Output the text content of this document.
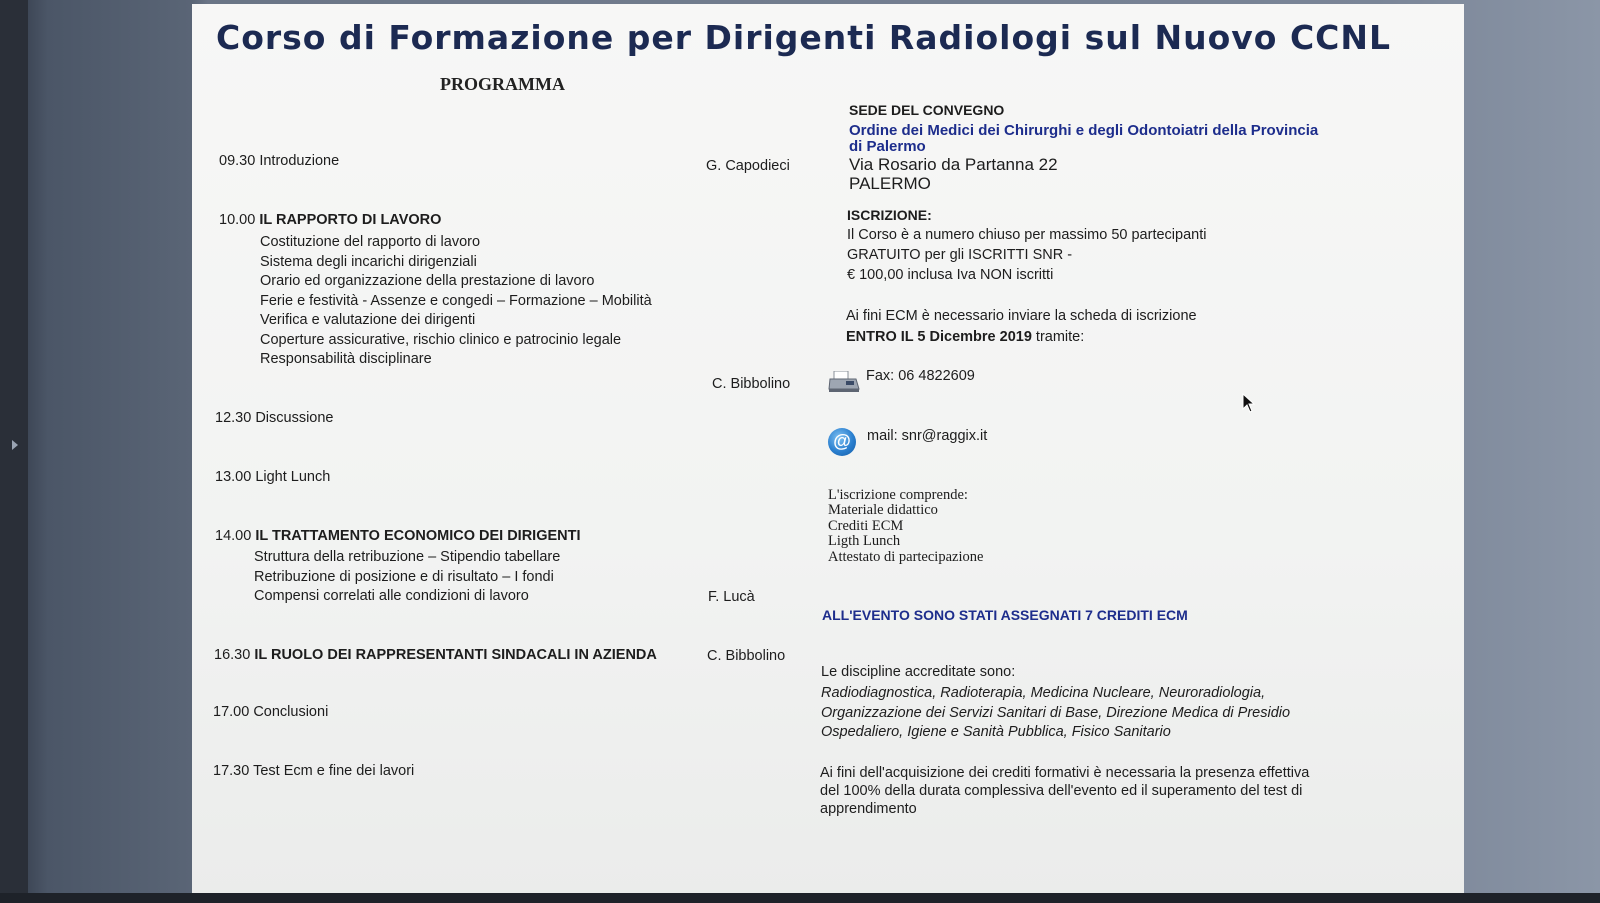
Corso di Formazione per Dirigenti Radiologi sul Nuovo CCNL
PROGRAMMA
09.30 Introduzione	G. Capodieci
10.00 IL RAPPORTO DI LAVORO
Costituzione del rapporto di lavoro
Sistema degli incarichi dirigenziali
Orario ed organizzazione della prestazione di lavoro
Ferie e festività - Assenze e congedi – Formazione – Mobilità
Verifica e valutazione dei dirigenti
Coperture assicurative, rischio clinico e patrocinio legale
Responsabilità disciplinare
C. Bibbolino
12.30 Discussione
13.00 Light Lunch
14.00 IL TRATTAMENTO ECONOMICO DEI DIRIGENTI
Struttura della retribuzione – Stipendio tabellare
Retribuzione di posizione e di risultato – I fondi
Compensi correlati alle condizioni di lavoro	F. Lucà
16.30 IL RUOLO DEI RAPPRESENTANTI SINDACALI IN AZIENDA	C. Bibbolino
17.00 Conclusioni
17.30 Test Ecm e fine dei lavori
SEDE DEL CONVEGNO
Ordine dei Medici dei Chirurghi e degli Odontoiatri della Provincia
di Palermo
Via Rosario da Partanna 22
PALERMO
ISCRIZIONE:
Il Corso è a numero chiuso per massimo 50 partecipanti
GRATUITO per gli ISCRITTI SNR -
€ 100,00 inclusa Iva NON iscritti
Ai fini ECM è necessario inviare la scheda di iscrizione
ENTRO IL 5 Dicembre 2019 tramite:
Fax: 06 4822609
@	mail: snr@raggix.it
L'iscrizione comprende:
Materiale didattico
Crediti ECM
Ligth Lunch
Attestato di partecipazione
ALL'EVENTO SONO STATI ASSEGNATI 7 CREDITI ECM
Le discipline accreditate sono:
Radiodiagnostica, Radioterapia, Medicina Nucleare, Neuroradiologia,
Organizzazione dei Servizi Sanitari di Base, Direzione Medica di Presidio
Ospedaliero, Igiene e Sanità Pubblica, Fisico Sanitario
Ai fini dell'acquisizione dei crediti formativi è necessaria la presenza effettiva
del 100% della durata complessiva dell'evento ed il superamento del test di
apprendimento
